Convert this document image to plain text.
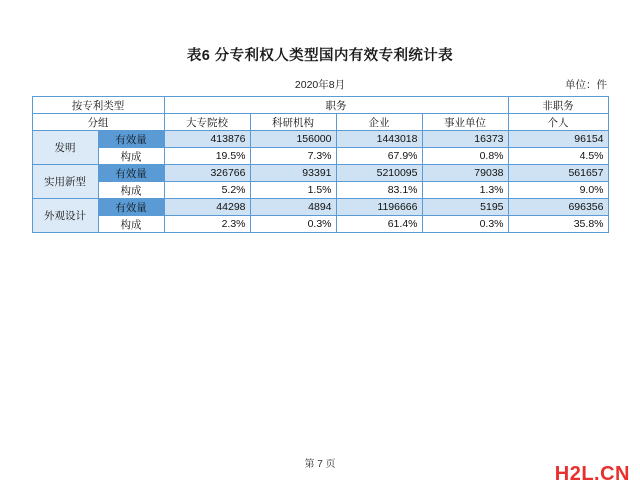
表6 分专利权人类型国内有效专利统计表
2020年8月	单位：件
按专利类型		职务				非职务
分组		大专院校	科研机构	企业	事业单位	个人
发明	有效量	413876	156000	1443018	16373	96154
	构成	19.5%	7.3%	67.9%	0.8%	4.5%
实用新型	有效量	326766	93391	5210095	79038	561657
	构成	5.2%	1.5%	83.1%	1.3%	9.0%
外观设计	有效量	44298	4894	1196666	5195	696356
	构成	2.3%	0.3%	61.4%	0.3%	35.8%
第 7 页	H2L.CN
